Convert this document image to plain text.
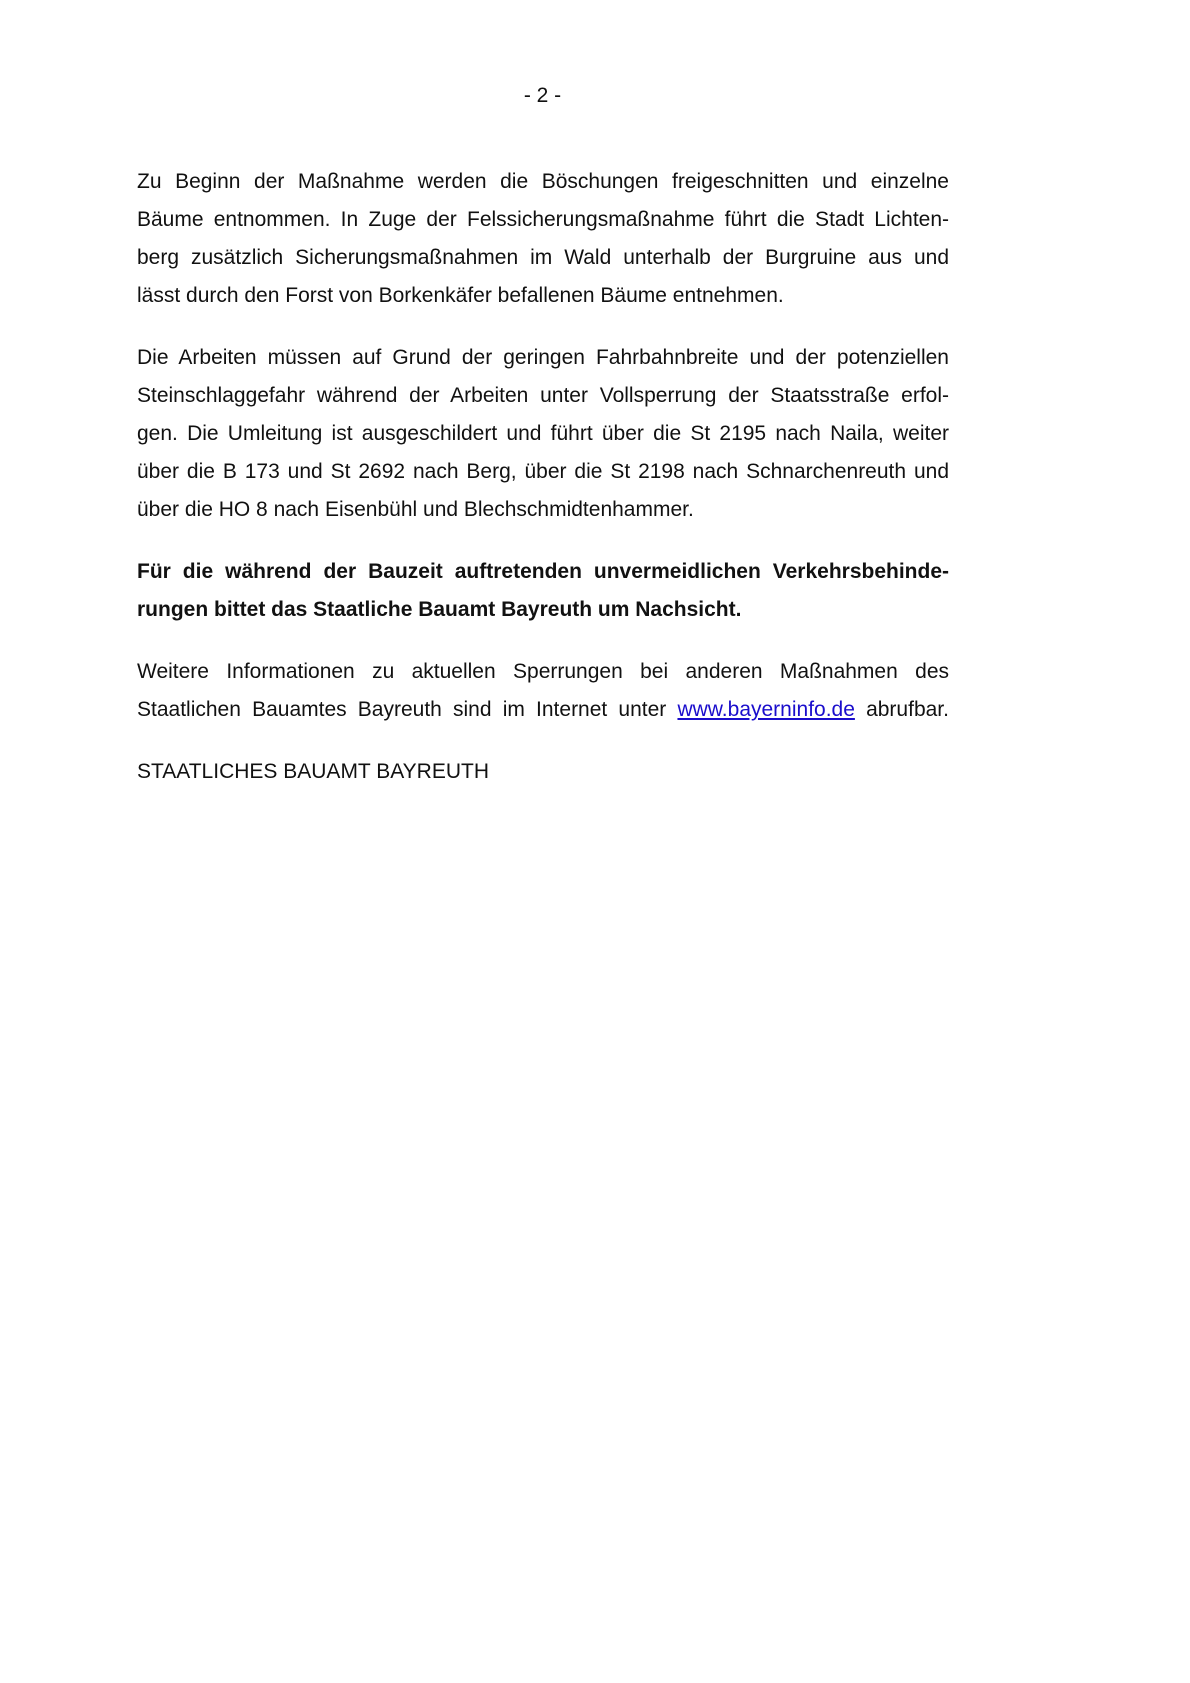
- 2 -

Zu Beginn der Maßnahme werden die Böschungen freigeschnitten und einzelne
Bäume entnommen. In Zuge der Felssicherungsmaßnahme führt die Stadt Lichten-
berg zusätzlich Sicherungsmaßnahmen im Wald unterhalb der Burgruine aus und
lässt durch den Forst von Borkenkäfer befallenen Bäume entnehmen.

Die Arbeiten müssen auf Grund der geringen Fahrbahnbreite und der potenziellen
Steinschlaggefahr während der Arbeiten unter Vollsperrung der Staatsstraße erfol-
gen. Die Umleitung ist ausgeschildert und führt über die St 2195 nach Naila, weiter
über die B 173 und St 2692 nach Berg, über die St 2198 nach Schnarchenreuth und
über die HO 8 nach Eisenbühl und Blechschmidtenhammer.

Für die während der Bauzeit auftretenden unvermeidlichen Verkehrsbehinde-
rungen bittet das Staatliche Bauamt Bayreuth um Nachsicht.

Weitere Informationen zu aktuellen Sperrungen bei anderen Maßnahmen des
Staatlichen Bauamtes Bayreuth sind im Internet unter www.bayerninfo.de abrufbar.

STAATLICHES BAUAMT BAYREUTH
